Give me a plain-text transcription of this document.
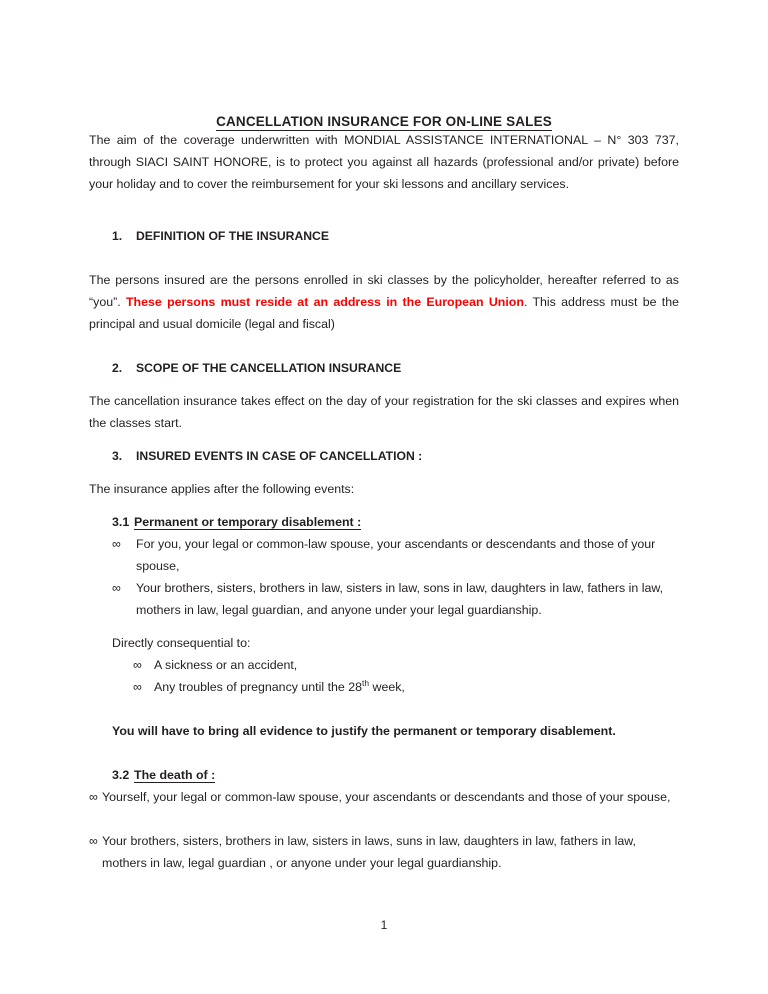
CANCELLATION INSURANCE FOR ON-LINE SALES

The aim of the coverage underwritten with MONDIAL ASSISTANCE INTERNATIONAL – N° 303 737, through SIACI SAINT HONORE, is to protect you against all hazards (professional and/or private) before your holiday and to cover the reimbursement for your ski lessons and ancillary services.

1.	DEFINITION OF THE INSURANCE

The persons insured are the persons enrolled in ski classes by the policyholder, hereafter referred to as “you”. These persons must reside at an address in the European Union. This address must be the principal and usual domicile (legal and fiscal)

2.	SCOPE OF THE CANCELLATION INSURANCE

The cancellation insurance takes effect on the day of your registration for the ski classes and expires when the classes start.

3.	INSURED EVENTS IN CASE OF CANCELLATION :

The insurance applies after the following events:

3.1 Permanent or temporary disablement :
∞	For you, your legal or common-law spouse, your ascendants or descendants and those of your spouse,
∞	Your brothers, sisters, brothers in law, sisters in law, sons in law, daughters in law, fathers in law, mothers in law, legal guardian, and anyone under your legal guardianship.

Directly consequential to:

∞ A sickness or an accident,
∞ Any troubles of pregnancy until the 28th week,

You will have to bring all evidence to justify the permanent or temporary disablement.

3.2 The death of :
∞ Yourself, your legal or common-law spouse, your ascendants or descendants and those of your spouse,
∞ Your brothers, sisters, brothers in law, sisters in laws, suns in law, daughters in law, fathers in law, mothers in law, legal guardian , or anyone under your legal guardianship.
1
